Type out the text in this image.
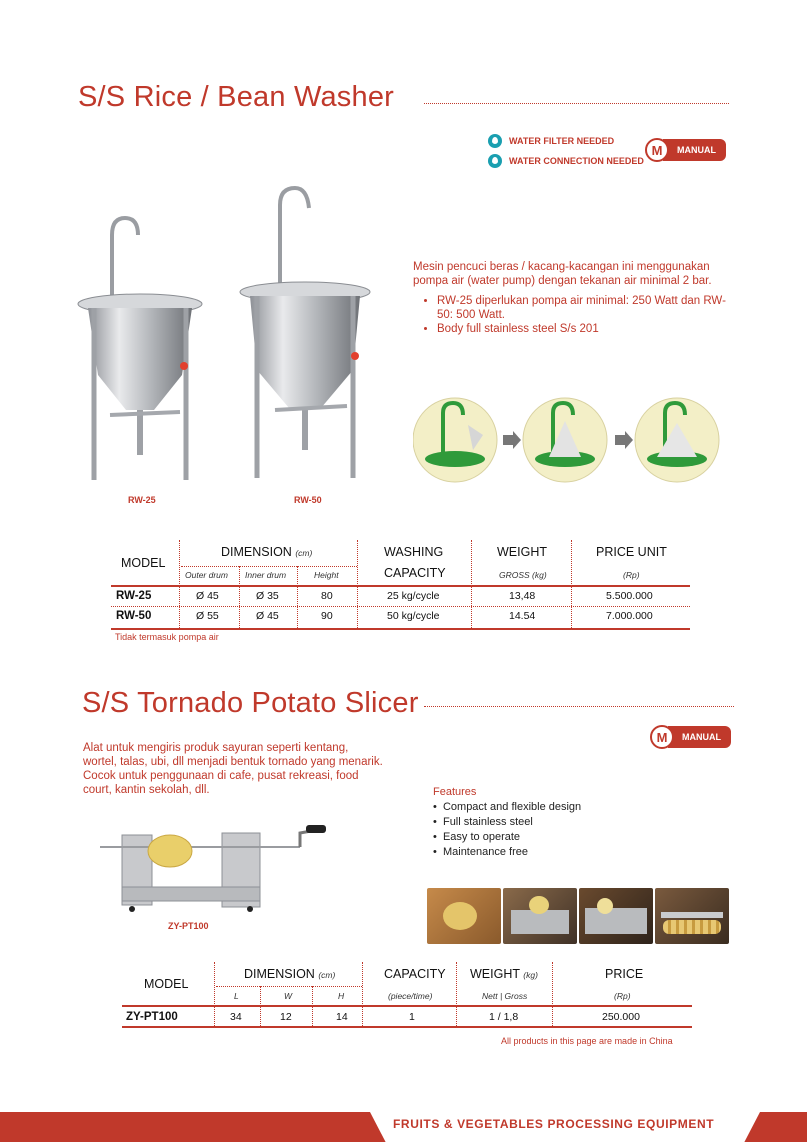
S/S Rice / Bean Washer
WATER FILTER NEEDED
WATER CONNECTION NEEDED
M	MANUAL
RW-25	RW-50
Mesin pencuci beras / kacang-kacangan ini menggunakan pompa air (water pump) dengan tekanan air minimal 2 bar.
• RW-25 diperlukan pompa air minimal: 250 Watt dan RW-50: 500 Watt.
• Body full stainless steel S/s 201
MODEL
DIMENSION (cm)
Outer drum Inner drum	Height
WASHING
CAPACITY
WEIGHT
GROSS (kg)
PRICE UNIT
(Rp)
RW-25	Ø 45	Ø 35	80	25 kg/cycle	13,48	5.500.000
RW-50	Ø 55	Ø 45	90	50 kg/cycle	14.54	7.000.000
Tidak termasuk pompa air
S/S Tornado Potato Slicer
M	MANUAL
Alat untuk mengiris produk sayuran seperti kentang, wortel, talas, ubi, dll menjadi bentuk tornado yang menarik. Cocok untuk penggunaan di cafe, pusat rekreasi, food court, kantin sekolah, dll.
ZY-PT100
Features
•  Compact and flexible design
•  Full stainless steel
•  Easy to operate
•  Maintenance free
MODEL
DIMENSION (cm)
L	W	H
CAPACITY
(piece/time)
WEIGHT (kg)
Nett | Gross
PRICE
(Rp)
ZY-PT100	34	12	14	1	1 / 1,8	250.000
All products in this page are made in China
FRUITS & VEGETABLES PROCESSING EQUIPMENT
